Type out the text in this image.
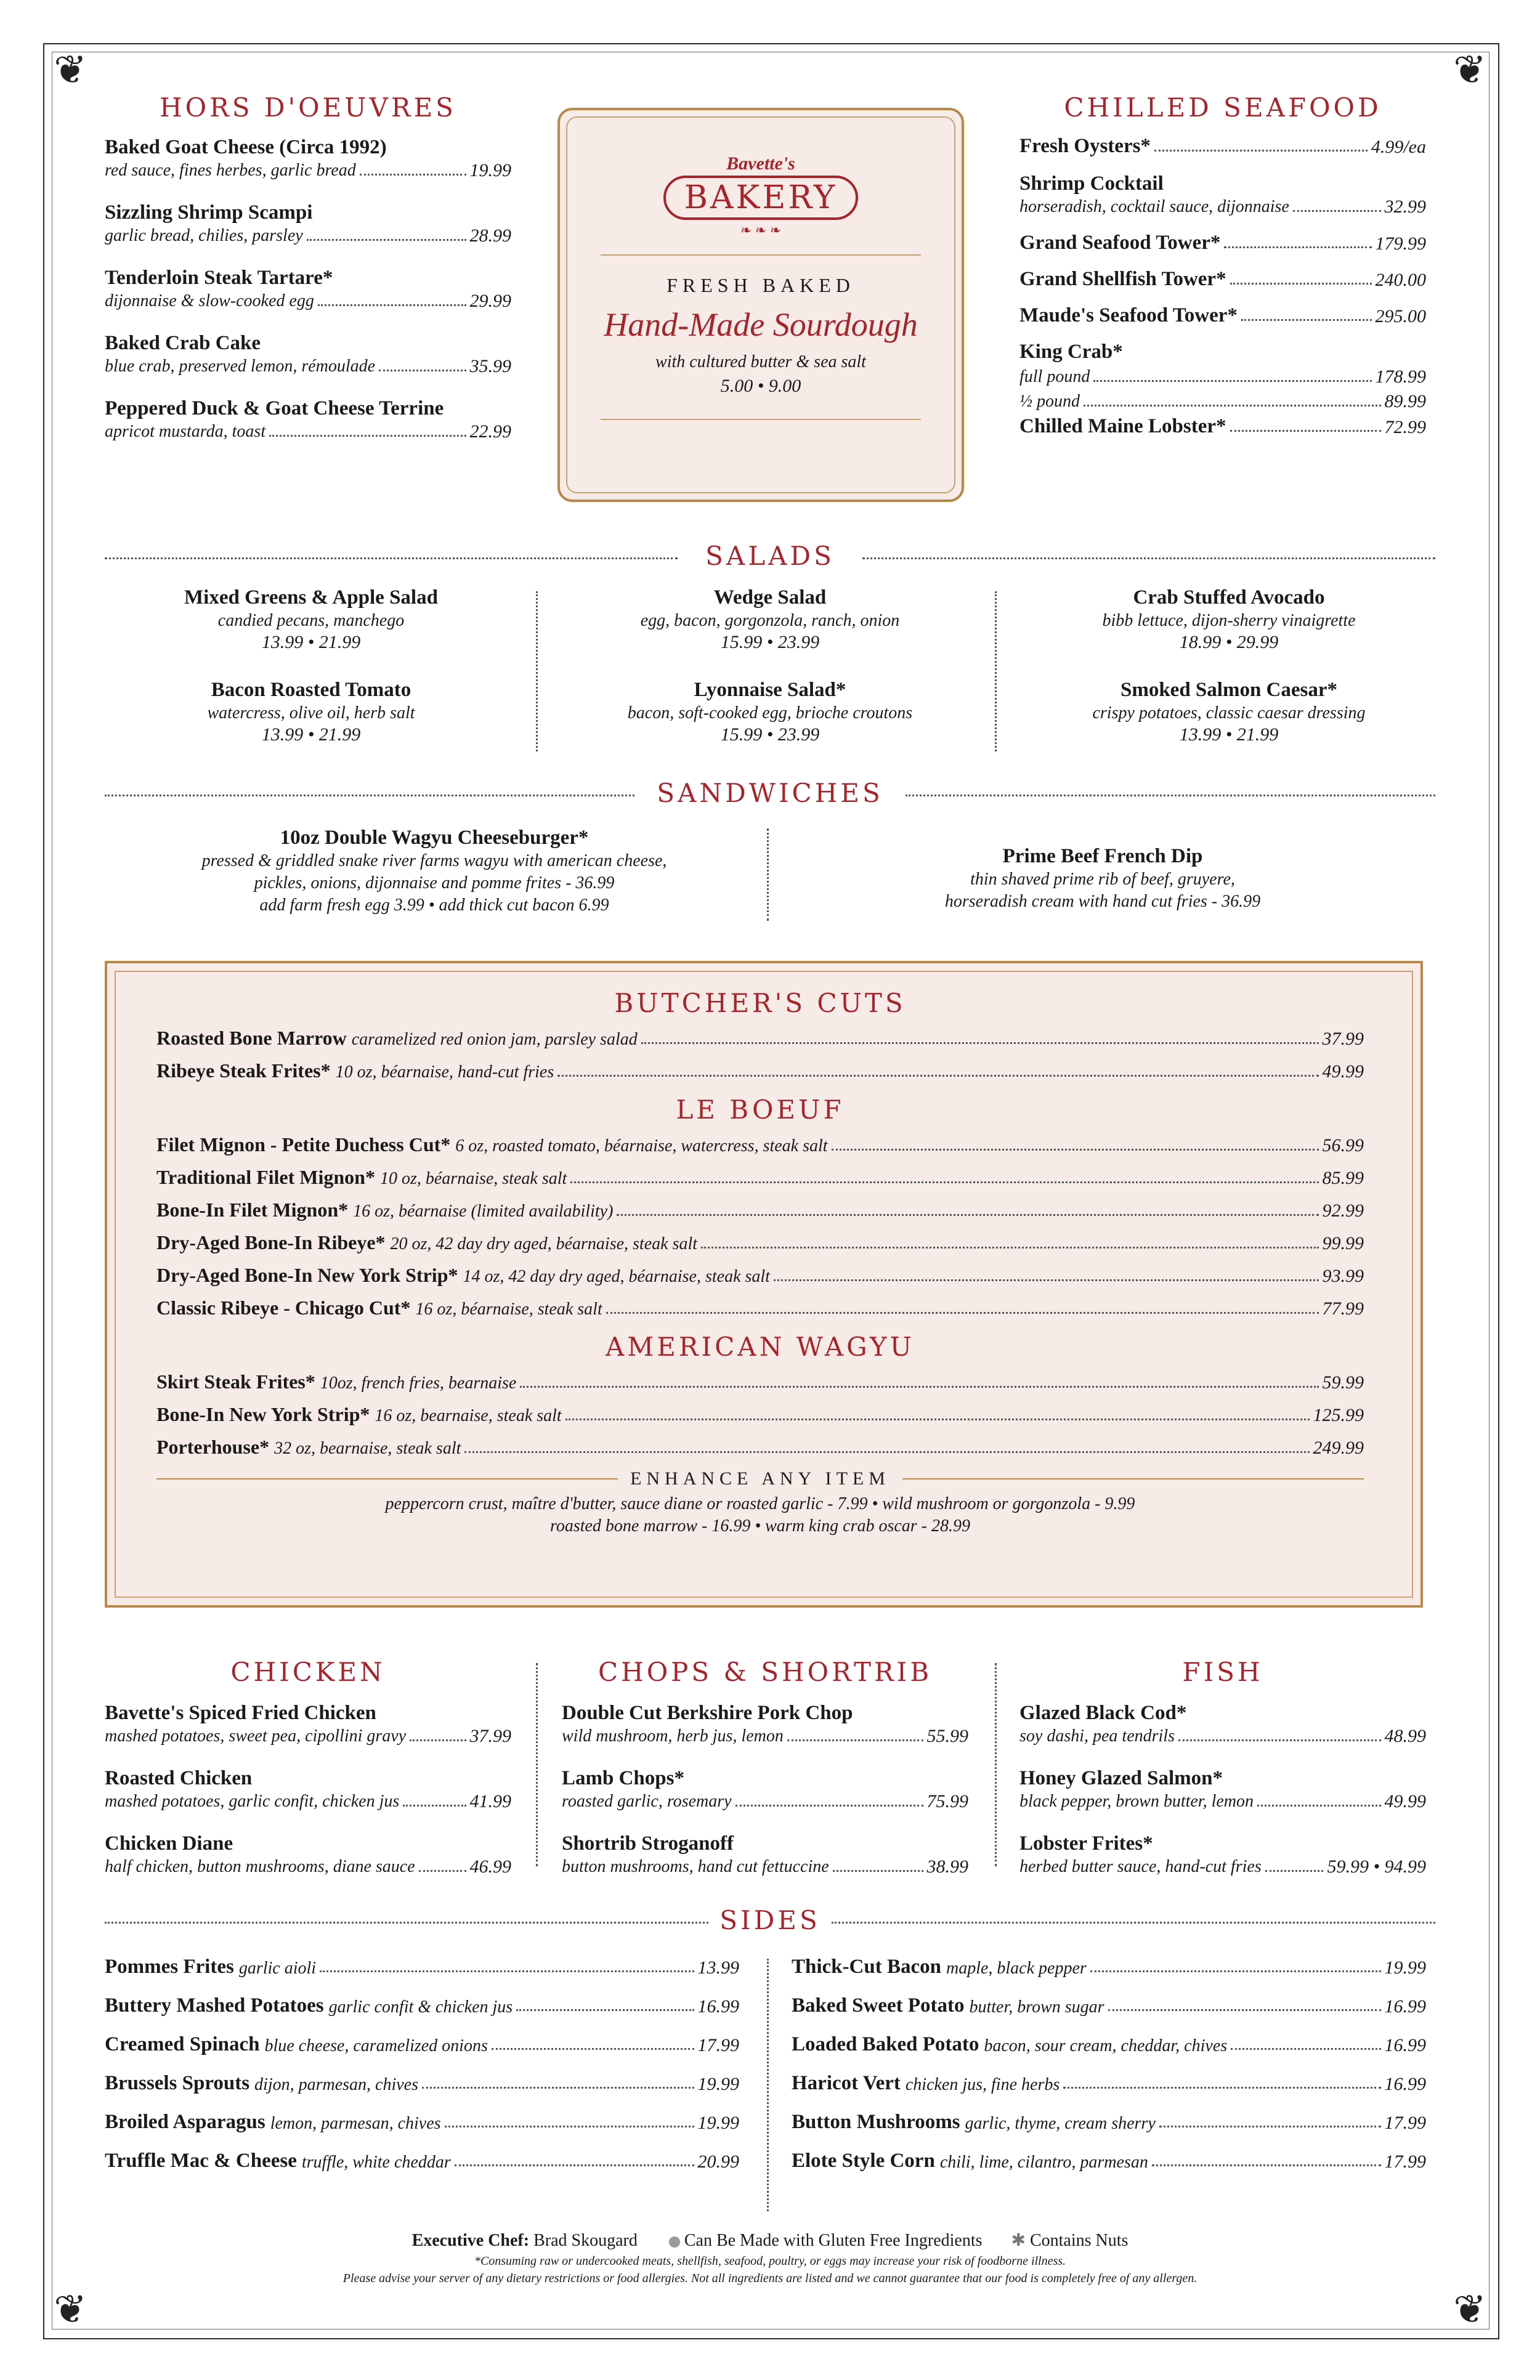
❦	❦
❦	❦
HORS D'OEUVRES
Baked Goat Cheese (Circa 1992)
red sauce, fines herbes, garlic bread	19.99
Sizzling Shrimp Scampi
garlic bread, chilies, parsley	28.99
Tenderloin Steak Tartare*
dijonnaise & slow-cooked egg	29.99
Baked Crab Cake
blue crab, preserved lemon, rémoulade	35.99
Peppered Duck & Goat Cheese Terrine
apricot mustarda, toast	22.99
Bavette's
BAKERY
❧ ❧ ❧
FRESH BAKED
Hand-Made Sourdough
with cultured butter & sea salt
5.00 • 9.00
CHILLED SEAFOOD
Fresh Oysters*	4.99/ea
Shrimp Cocktail
horseradish, cocktail sauce, dijonnaise	32.99
Grand Seafood Tower*	179.99
Grand Shellfish Tower*	240.00
Maude's Seafood Tower*	295.00
King Crab*
full pound	178.99
½ pound	89.99
Chilled Maine Lobster*	72.99
SALADS
Mixed Greens & Apple Salad
candied pecans, manchego
13.99 • 21.99
Wedge Salad
egg, bacon, gorgonzola, ranch, onion
15.99 • 23.99
Crab Stuffed Avocado
bibb lettuce, dijon-sherry vinaigrette
18.99 • 29.99
Bacon Roasted Tomato
watercress, olive oil, herb salt
13.99 • 21.99
Lyonnaise Salad*
bacon, soft-cooked egg, brioche croutons
15.99 • 23.99
Smoked Salmon Caesar*
crispy potatoes, classic caesar dressing
13.99 • 21.99
SANDWICHES
10oz Double Wagyu Cheeseburger*
pressed & griddled snake river farms wagyu with american cheese,
pickles, onions, dijonnaise and pomme frites - 36.99
add farm fresh egg 3.99 • add thick cut bacon 6.99
Prime Beef French Dip
thin shaved prime rib of beef, gruyere,
horseradish cream with hand cut fries - 36.99
BUTCHER'S CUTS
Roasted Bone Marrow caramelized red onion jam, parsley salad	37.99
Ribeye Steak Frites* 10 oz, béarnaise, hand-cut fries	49.99
LE BOEUF
Filet Mignon - Petite Duchess Cut* 6 oz, roasted tomato, béarnaise, watercress, steak salt	56.99
Traditional Filet Mignon* 10 oz, béarnaise, steak salt	85.99
Bone-In Filet Mignon* 16 oz, béarnaise (limited availability)	92.99
Dry-Aged Bone-In Ribeye* 20 oz, 42 day dry aged, béarnaise, steak salt	99.99
Dry-Aged Bone-In New York Strip* 14 oz, 42 day dry aged, béarnaise, steak salt	93.99
Classic Ribeye - Chicago Cut* 16 oz, béarnaise, steak salt	77.99
AMERICAN WAGYU
Skirt Steak Frites* 10oz, french fries, bearnaise	59.99
Bone-In New York Strip* 16 oz, bearnaise, steak salt	125.99
Porterhouse* 32 oz, bearnaise, steak salt	249.99
ENHANCE ANY ITEM
peppercorn crust, maître d'butter, sauce diane or roasted garlic - 7.99 • wild mushroom or gorgonzola - 9.99
roasted bone marrow - 16.99 • warm king crab oscar - 28.99
CHICKEN
Bavette's Spiced Fried Chicken
mashed potatoes, sweet pea, cipollini gravy	37.99
Roasted Chicken
mashed potatoes, garlic confit, chicken jus	41.99
Chicken Diane
half chicken, button mushrooms, diane sauce	46.99
CHOPS & SHORTRIB
Double Cut Berkshire Pork Chop
wild mushroom, herb jus, lemon	55.99
Lamb Chops*
roasted garlic, rosemary	75.99
Shortrib Stroganoff
button mushrooms, hand cut fettuccine	38.99
FISH
Glazed Black Cod*
soy dashi, pea tendrils	48.99
Honey Glazed Salmon*
black pepper, brown butter, lemon	49.99
Lobster Frites*
herbed butter sauce, hand-cut fries	59.99 • 94.99
SIDES
Pommes Frites garlic aioli	13.99
Buttery Mashed Potatoes garlic confit & chicken jus	16.99
Creamed Spinach blue cheese, caramelized onions	17.99
Brussels Sprouts dijon, parmesan, chives	19.99
Broiled Asparagus lemon, parmesan, chives	19.99
Truffle Mac & Cheese truffle, white cheddar	20.99
Thick-Cut Bacon maple, black pepper	19.99
Baked Sweet Potato butter, brown sugar	16.99
Loaded Baked Potato bacon, sour cream, cheddar, chives	16.99
Haricot Vert chicken jus, fine herbs	16.99
Button Mushrooms garlic, thyme, cream sherry	17.99
Elote Style Corn chili, lime, cilantro, parmesan	17.99
Executive Chef: Brad Skougard	Can Be Made with Gluten Free Ingredients ✱ Contains Nuts
*Consuming raw or undercooked meats, shellfish, seafood, poultry, or eggs may increase your risk of foodborne illness.
Please advise your server of any dietary restrictions or food allergies. Not all ingredients are listed and we cannot guarantee that our food is completely free of any allergen.
